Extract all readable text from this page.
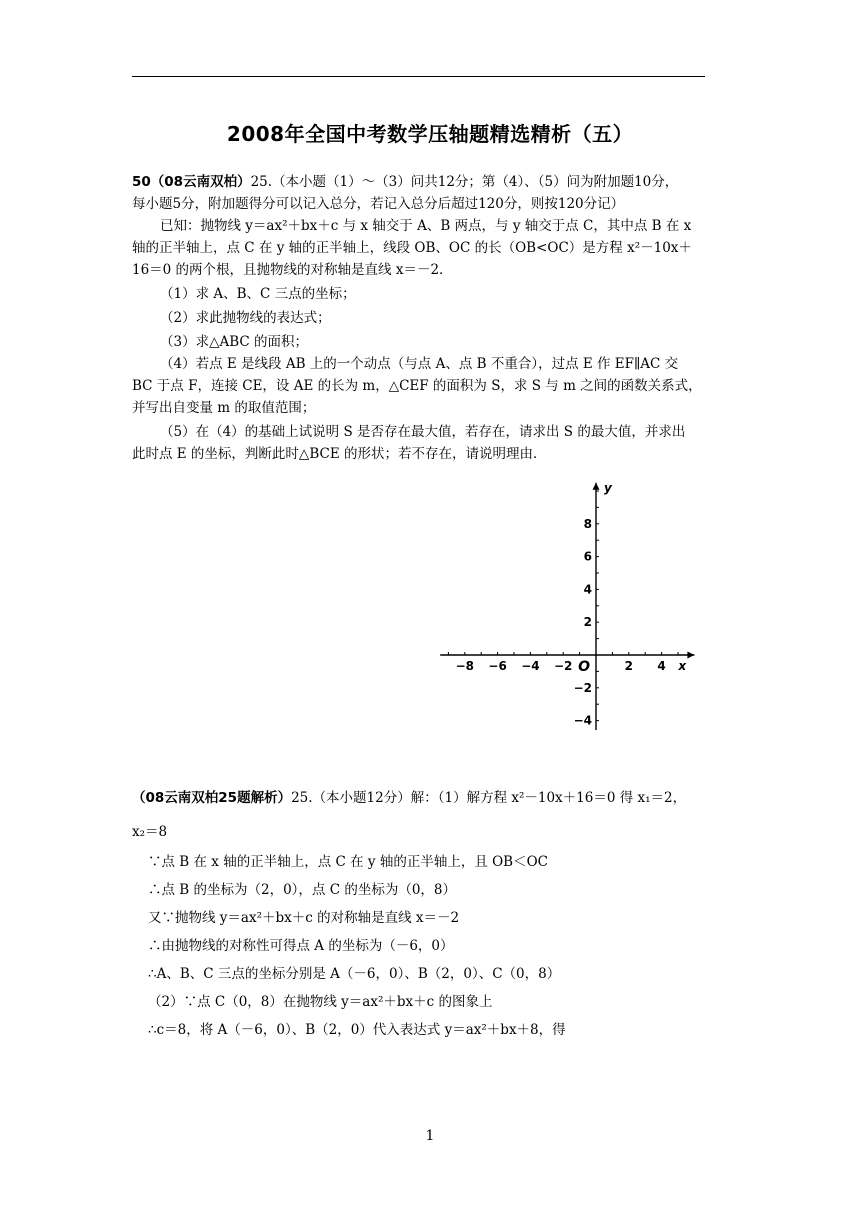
2008年全国中考数学压轴题精选精析（五）
50（08云南双柏）25.（本小题（1）～（3）问共12分；第（4）、（5）问为附加题10分，
每小题5分，附加题得分可以记入总分，若记入总分后超过120分，则按120分记）
已知：抛物线 y＝ax²＋bx＋c 与 x 轴交于 A、B 两点，与 y 轴交于点 C，其中点 B 在 x
轴的正半轴上，点 C 在 y 轴的正半轴上，线段 OB、OC 的长（OB<OC）是方程 x²－10x＋
16＝0 的两个根，且抛物线的对称轴是直线 x＝－2．
（1）求 A、B、C 三点的坐标；
（2）求此抛物线的表达式；
（3）求△ABC 的面积；
（4）若点 E 是线段 AB 上的一个动点（与点 A、点 B 不重合），过点 E 作 EF∥AC 交
BC 于点 F，连接 CE，设 AE 的长为 m，△CEF 的面积为 S，求 S 与 m 之间的函数关系式，
并写出自变量 m 的取值范围；
（5）在（4）的基础上试说明 S 是否存在最大值，若存在，请求出 S 的最大值，并求出
此时点 E 的坐标，判断此时△BCE 的形状；若不存在，请说明理由．
−8 −6 −4 −2	2 4
8
6
4
2
−2
−4
y
x
O
（08云南双柏25题解析）25.（本小题12分）解：（1）解方程 x²－10x＋16＝0 得 x₁＝2，
x₂＝8
∵点 B 在 x 轴的正半轴上，点 C 在 y 轴的正半轴上，且 OB＜OC
∴点 B 的坐标为（2，0），点 C 的坐标为（0，8）
又∵抛物线 y＝ax²＋bx＋c 的对称轴是直线 x＝－2
∴由抛物线的对称性可得点 A 的坐标为（－6，0）
∴A、B、C 三点的坐标分别是 A（－6，0）、B（2，0）、C（0，8）
（2）∵点 C（0，8）在抛物线 y＝ax²＋bx＋c 的图象上
∴c＝8，将 A（－6，0）、B（2，0）代入表达式 y＝ax²＋bx＋8，得
1
